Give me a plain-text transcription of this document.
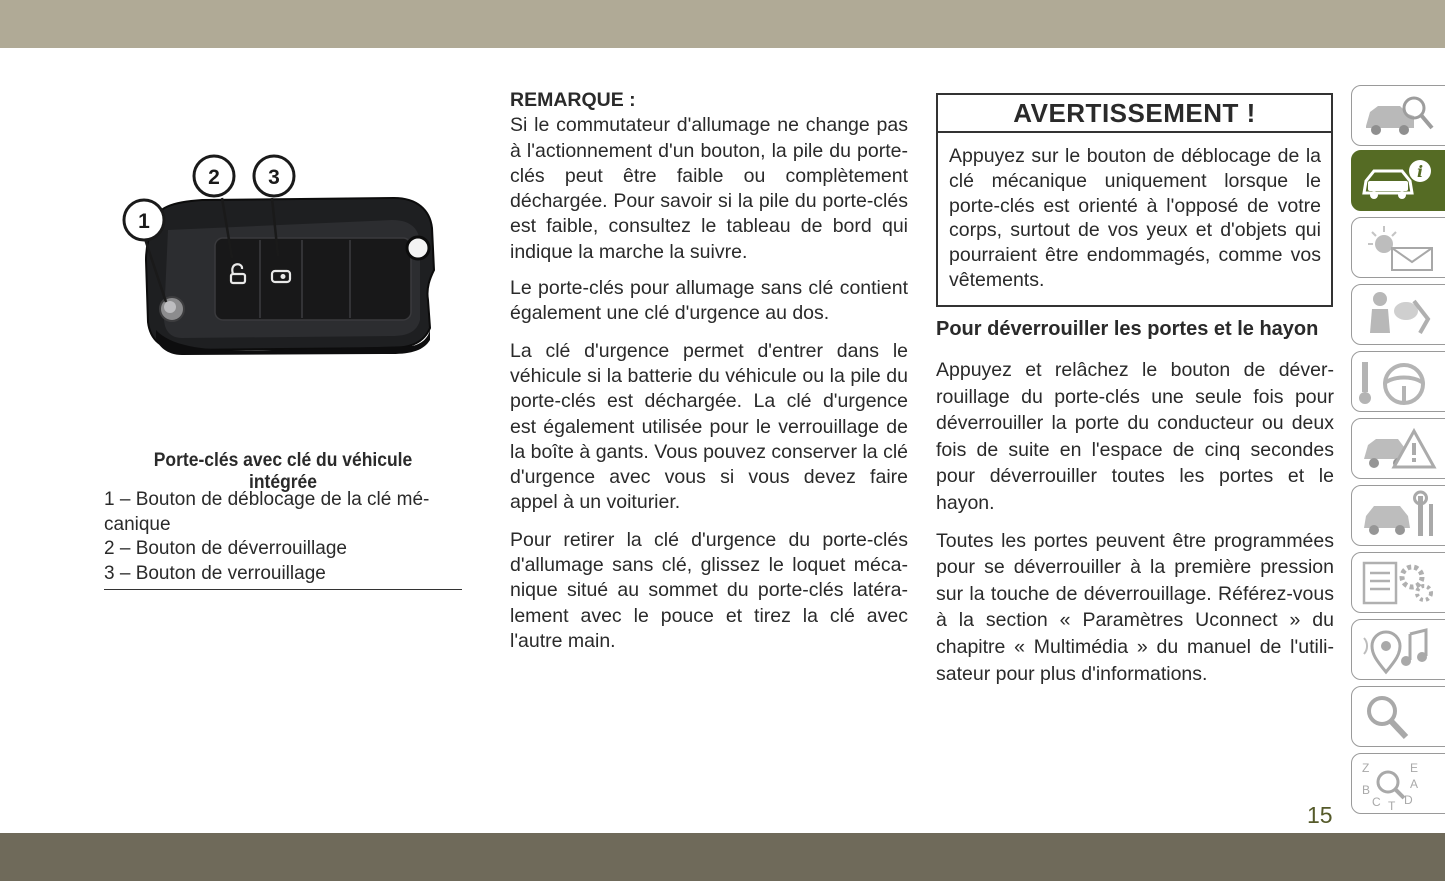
1
2 3
Porte-clés avec clé du véhicule intégrée
1 – Bouton de déblocage de la clé mé-
canique
2 – Bouton de déverrouillage
3 – Bouton de verrouillage

REMARQUE :
Si le commutateur d'allumage ne change pas à l'actionnement d'un bouton, la pile du porte-clés peut être faible ou complètement déchargée. Pour savoir si la pile du porte-clés est faible, consultez le tableau de bord qui indique la marche la suivre.

Le porte-clés pour allumage sans clé contient également une clé d'urgence au dos.

La clé d'urgence permet d'entrer dans le véhicule si la batterie du véhicule ou la pile du porte-clés est déchargée. La clé d'urgence est également utilisée pour le verrouillage de la boîte à gants. Vous pouvez conserver la clé d'urgence avec vous si vous devez faire appel à un voiturier.

Pour retirer la clé d'urgence du porte-clés d'allumage sans clé, glissez le loquet mécanique situé au sommet du porte-clés latéralement avec le pouce et tirez la clé avec l'autre main.

AVERTISSEMENT !
Appuyez sur le bouton de déblocage de la clé mécanique uniquement lorsque le porte-clés est orienté à l'opposé de votre corps, surtout de vos yeux et d'objets qui pourraient être endommagés, comme vos vêtements.
Pour déverrouiller les portes et le hayon

Appuyez et relâchez le bouton de déverrouillage du porte-clés une seule fois pour déverrouiller la porte du conducteur ou deux fois de suite en l'espace de cinq secondes pour déverrouiller toutes les portes et le hayon.

Toutes les portes peuvent être programmées pour se déverrouiller à la première pression sur la touche de déverrouillage. Référez-vous à la section « Paramètres Uconnect » du chapitre « Multimédia » du manuel de l'utilisateur pour plus d'informations.

15
i
Z	E
B	A
C T D
